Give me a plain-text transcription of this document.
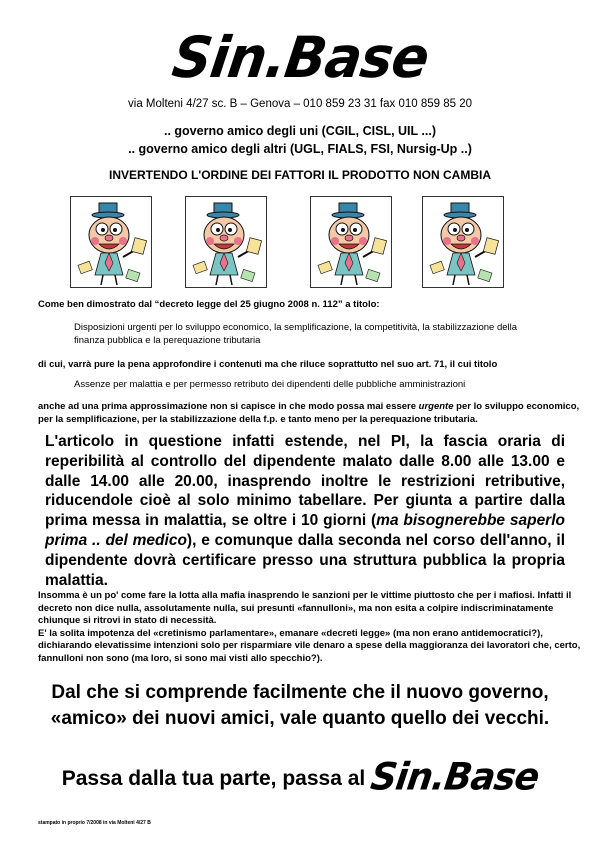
Sin.Base
via Molteni 4/27 sc. B – Genova – 010 859 23 31 fax 010 859 85 20
.. governo amico degli uni (CGIL, CISL, UIL ...)
.. governo amico degli altri (UGL, FIALS, FSI, Nursig-Up ..)
INVERTENDO L'ORDINE DEI FATTORI IL PRODOTTO NON CAMBIA
Come ben dimostrato dal “decreto legge del 25 giugno 2008 n. 112” a titolo:
Disposizioni urgenti per lo sviluppo economico, la semplificazione, la competitività, la stabilizzazione della finanza pubblica e la perequazione tributaria
di cui, varrà pure la pena approfondire i contenuti ma che riluce soprattutto nel suo art. 71, il cui titolo
Assenze per malattia e per permesso retributo dei dipendenti delle pubbliche amministrazioni
anche ad una prima approssimazione non si capisce in che modo possa mai essere urgente per lo sviluppo economico, per la semplificazione, per la stabilizzazione della f.p. e tanto meno per la perequazione tributaria.
L'articolo in questione infatti estende, nel PI, la fascia oraria di reperibilità al controllo del dipendente malato dalle 8.00 alle 13.00 e dalle 14.00 alle 20.00, inasprendo inoltre le restrizioni retributive, riducendole cioè al solo minimo tabellare. Per giunta a partire dalla prima messa in malattia, se oltre i 10 giorni (ma bisognerebbe saperlo prima .. del medico), e comunque dalla seconda nel corso dell'anno, il dipendente dovrà certificare presso una struttura pubblica la propria malattia.
Insomma è un po' come fare la lotta alla mafia inasprendo le sanzioni per le vittime piuttosto che per i mafiosi. Infatti il decreto non dice nulla, assolutamente nulla, sui presunti «fannulloni», ma non esita a colpire indiscriminatamente chiunque si ritrovi in stato di necessità.
E' la solita impotenza del «cretinismo parlamentare», emanare «decreti legge» (ma non erano antidemocratici?), dichiarando elevatissime intenzioni solo per risparmiare vile denaro a spese della maggioranza dei lavoratori che, certo, fannulloni non sono (ma loro, si sono mai visti allo specchio?).
Dal che si comprende facilmente che il nuovo governo,
«amico» dei nuovi amici, vale quanto quello dei vecchi.
Passa dalla tua parte, passa al Sin.Base
stampato in proprio 7/2008 in via Molteni 4/27 B
